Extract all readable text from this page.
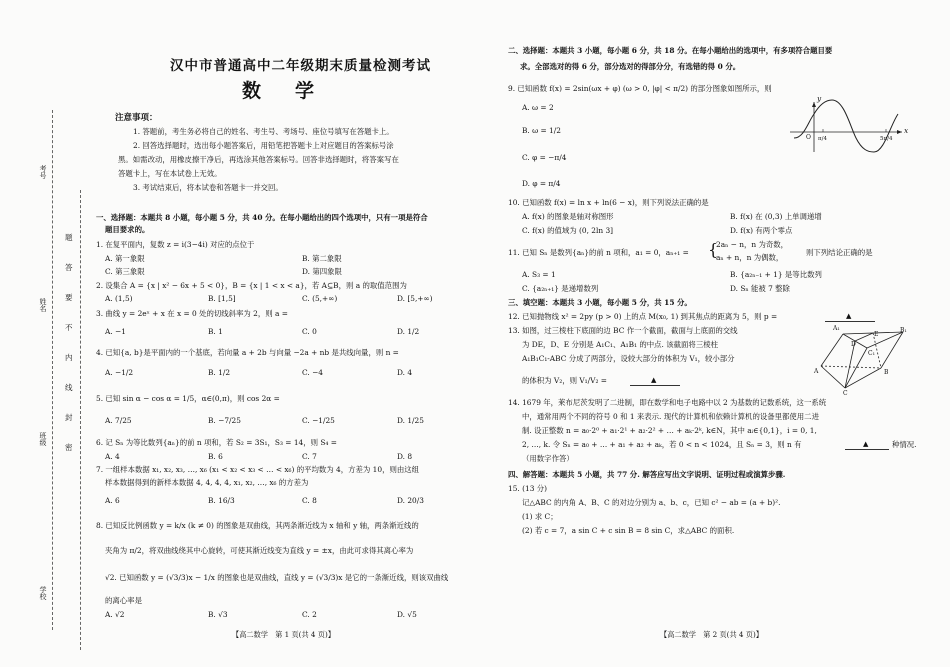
考号
姓名
班级
学校
题
答
要
不
内
线
封
密
汉中市普通高中二年级期末质量检测考试
数学
注意事项：
1. 答题前，考生务必将自己的姓名、考生号、考场号、座位号填写在答题卡上。
2. 回答选择题时，选出每小题答案后，用铅笔把答题卡上对应题目的答案标号涂
黑。如需改动，用橡皮擦干净后，再选涂其他答案标号。回答非选择题时，将答案写在
答题卡上，写在本试卷上无效。
3. 考试结束后，将本试卷和答题卡一并交回。
一、选择题：本题共 8 小题，每小题 5 分，共 40 分。在每小题给出的四个选项中，只有一项是符合
题目要求的。
1. 在复平面内，复数 z = i(3−4i) 对应的点位于
A. 第一象限	B. 第二象限
C. 第三象限	D. 第四象限
2. 设集合 A = {x | x² − 6x + 5 < 0}，B = {x | 1 < x < a}，若 A⊆B，则 a 的取值范围为
A. (1,5)	B. [1,5]	C. (5,+∞)	D. [5,+∞)
3. 曲线 y = 2eˣ + x 在 x = 0 处的切线斜率为 2，则 a =
A. −1	B. 1	C. 0	D. 1/2
4. 已知{a, b}是平面内的一个基底，若向量 a + 2b 与向量 −2a + nb 是共线向量，则 n =
A. −1/2	B. 1/2	C. −4	D. 4
5. 已知 sin α − cos α = 1/5，α∈(0,π)，则 cos 2α =
A. 7/25	B. −7/25	C. −1/25	D. 1/25
6. 记 Sₙ 为等比数列{aₙ}的前 n 项和，若 S₂ = 3S₁，S₃ = 14，则 S₄ =
A. 4	B. 6	C. 7	D. 8
7. 一组样本数据 x₁, x₂, x₃, …, x₆ (x₁ < x₂ < x₃ < … < x₆) 的平均数为 4，方差为 10，则由这组
样本数据得到的新样本数据 4, 4, 4, 4, x₁, x₂, …, x₆ 的方差为
A. 6	B. 16/3	C. 8	D. 20/3
8. 已知反比例函数 y = k/x (k ≠ 0) 的图象是双曲线，其两条渐近线为 x 轴和 y 轴，两条渐近线的
夹角为 π/2，将双曲线绕其中心旋转，可使其渐近线变为直线 y = ±x，由此可求得其离心率为
√2. 已知函数 y = (√3/3)x − 1/x 的图象也是双曲线，直线 y = (√3/3)x 是它的一条渐近线，则该双曲线
的离心率是
A. √2	B. √3	C. 2	D. √5
【高二数学　第 1 页(共 4 页)】
二、选择题：本题共 3 小题，每小题 6 分，共 18 分。在每小题给出的选项中，有多项符合题目要
求。全部选对的得 6 分，部分选对的得部分分，有选错的得 0 分。
9. 已知函数 f(x) = 2sin(ωx + φ) (ω > 0, |φ| < π/2) 的部分图象如图所示，则
A. ω = 2
B. ω = 1/2
C. φ = −π/4
D. φ = π/4
y
x
O π/4	5π/4
10. 已知函数 f(x) = ln x + ln(6 − x)，则下列说法正确的是
A. f(x) 的图象是轴对称图形	B. f(x) 在 (0,3) 上单调递增
C. f(x) 的值域为 (0, 2ln 3]	D. f(x) 有两个零点
11. 已知 Sₙ 是数列{aₙ}的前 n 项和，a₁ = 0，aₙ₊₁ = {
2aₙ − n，n 为奇数，
aₙ + n，n 为偶数，
则下列结论正确的是
A. S₃ = 1	B. {a₂ₙ₋₁ + 1} 是等比数列
C. {a₂ₙ₊₁} 是递增数列	D. Sₙ 能被 7 整除
三、填空题：本题共 3 小题，每小题 5 分，共 15 分。
12. 已知抛物线 x² = 2py (p > 0) 上的点 M(x₀, 1) 到其焦点的距离为 5，则 p =	▲
13. 如图，过三棱柱下底面的边 BC 作一个截面，截面与上底面的交线
为 DE，D、E 分别是 A₁C₁、A₁B₁ 的中点. 该截面将三棱柱
A₁B₁C₁-ABC 分成了两部分，设较大部分的体积为 V₁，较小部分
的体积为 V₂，则 V₁/V₂ =	▲
A₁	B₁
C₁
D
E
A	B
C
14. 1679 年，莱布尼茨发明了二进制，即在数学和电子电路中以 2 为基数的记数系统，这一系统
中，通常用两个不同的符号 0 和 1 来表示. 现代的计算机和依赖计算机的设备里都使用二进
制. 设正整数 n = a₀·2⁰ + a₁·2¹ + a₂·2² + … + aₖ·2ᵏ, k∈N，其中 aᵢ∈{0,1}，i = 0, 1,
2, …, k. 令 Sₙ = a₀ + … + a₁ + a₂ + aₖ，若 0 < n < 1024，且 Sₙ = 3，则 n 有	▲	种情况.
（用数字作答）
四、解答题：本题共 5 小题，共 77 分. 解答应写出文字说明、证明过程或演算步骤.
15. (13 分)
记△ABC 的内角 A、B、C 的对边分别为 a、b、c，已知 c² − ab = (a + b)².
(1) 求 C；
(2) 若 c = 7，a sin C + c sin B = 8 sin C，求△ABC 的面积.
【高二数学　第 2 页(共 4 页)】
